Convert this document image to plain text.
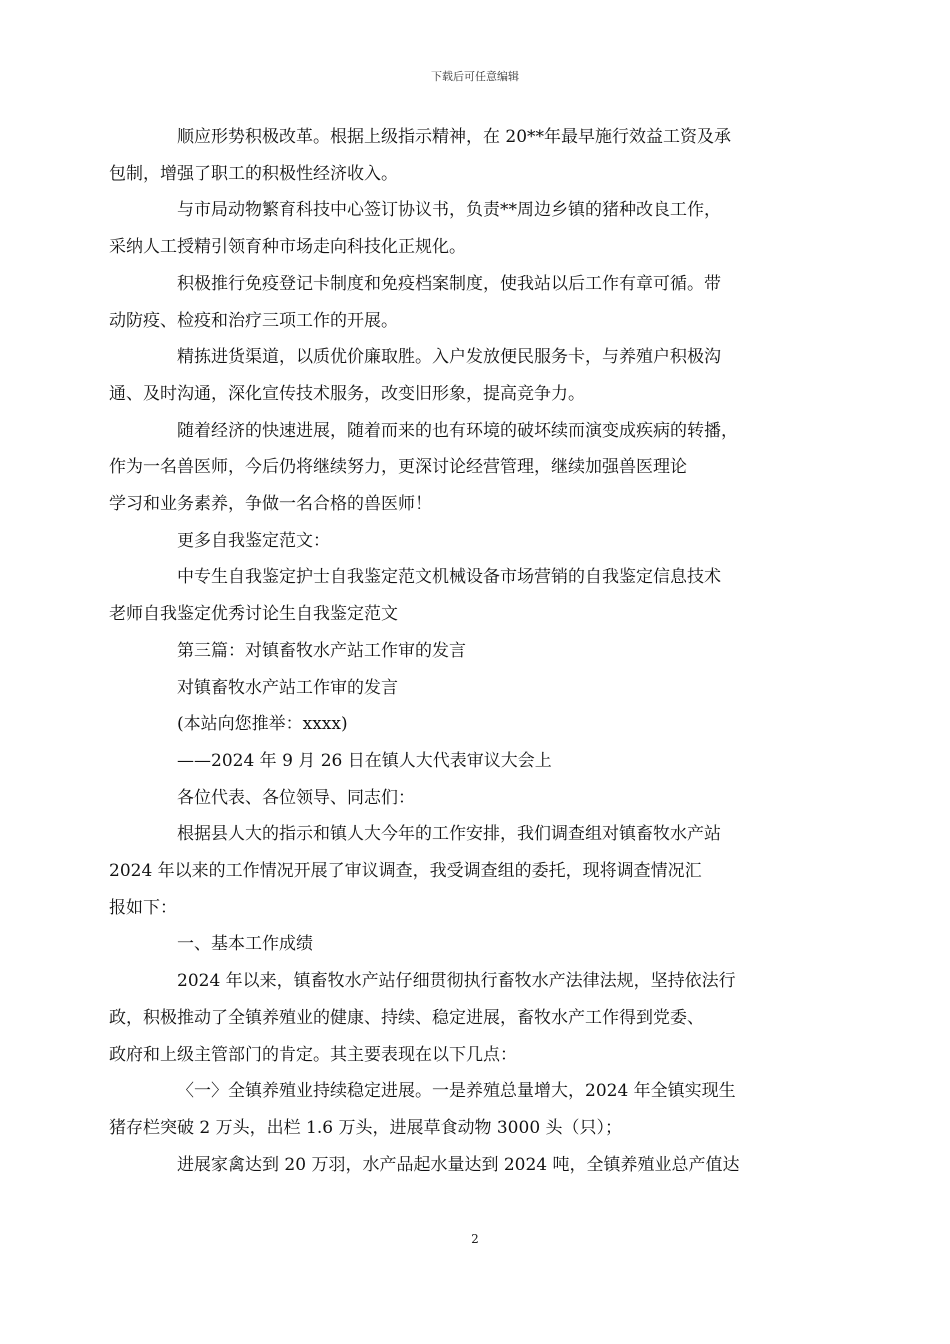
下载后可任意编辑
顺应形势积极改革。根据上级指示精神，在 20**年最早施行效益工资及承
包制，增强了职工的积极性经济收入。
与市局动物繁育科技中心签订协议书，负责**周边乡镇的猪种改良工作，
采纳人工授精引领育种市场走向科技化正规化。
积极推行免疫登记卡制度和免疫档案制度，使我站以后工作有章可循。带
动防疫、检疫和治疗三项工作的开展。
精拣进货渠道，以质优价廉取胜。入户发放便民服务卡，与养殖户积极沟
通、及时沟通，深化宣传技术服务，改变旧形象，提高竞争力。
随着经济的快速进展，随着而来的也有环境的破坏续而演变成疾病的转播，
作为一名兽医师，今后仍将继续努力，更深讨论经营管理，继续加强兽医理论
学习和业务素养，争做一名合格的兽医师！
更多自我鉴定范文：
中专生自我鉴定护士自我鉴定范文机械设备市场营销的自我鉴定信息技术
老师自我鉴定优秀讨论生自我鉴定范文
第三篇：对镇畜牧水产站工作审的发言
对镇畜牧水产站工作审的发言
(本站向您推举：xxxx)
——2024 年 9 月 26 日在镇人大代表审议大会上
各位代表、各位领导、同志们：
根据县人大的指示和镇人大今年的工作安排，我们调查组对镇畜牧水产站
2024 年以来的工作情况开展了审议调查，我受调查组的委托，现将调查情况汇
报如下：
一、基本工作成绩
2024 年以来，镇畜牧水产站仔细贯彻执行畜牧水产法律法规，坚持依法行
政，积极推动了全镇养殖业的健康、持续、稳定进展，畜牧水产工作得到党委、
政府和上级主管部门的肯定。其主要表现在以下几点：
〈一〉全镇养殖业持续稳定进展。一是养殖总量增大，2024 年全镇实现生
猪存栏突破 2 万头，出栏 1.6 万头，进展草食动物 3000 头（只）；
进展家禽达到 20 万羽，水产品起水量达到 2024 吨，全镇养殖业总产值达
2
